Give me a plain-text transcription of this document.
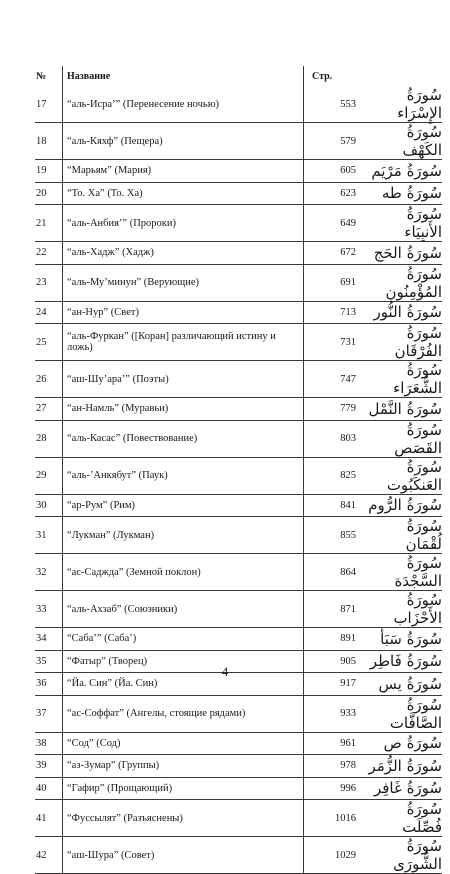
№	Название	Стр.	
17	“аль-Исра’” (Перенесение ночью)	553	سُورَةُ الإِسْرَاء
18	“аль-Кяхф” (Пещера)	579	سُورَةُ الكَهْف
19	“Марьям” (Мария)	605	سُورَةُ مَرْيَم
20	“То. Ха” (То. Ха)	623	سُورَةُ طه
21	“аль-Анбия’” (Пророки)	649	سُورَةُ الأَنبِيَاء
22	“аль-Хадж” (Хадж)	672	سُورَةُ الحَج
23	“аль-Му’минун” (Верующие)	691	سُورَةُ المُؤْمِنُون
24	“ан-Нур” (Свет)	713	سُورَةُ النُّور
25	“аль-Фуркан” ([Коран] различающий истину и ложь)	731	سُورَةُ الفُرْقَان
26	“аш-Шу’ара’” (Поэты)	747	سُورَةُ الشُّعَرَاء
27	“ан-Намль” (Муравьи)	779	سُورَةُ النَّمْل
28	“аль-Касас” (Повествование)	803	سُورَةُ القَصَص
29	“аль-’Анкябут” (Паук)	825	سُورَةُ العَنكَبُوت
30	“ар-Рум” (Рим)	841	سُورَةُ الرُّوم
31	“Лукман” (Лукман)	855	سُورَةُ لُقْمَان
32	“ас-Саджда” (Земной поклон)	864	سُورَةُ السَّجْدَة
33	“аль-Ахзаб” (Союзники)	871	سُورَةُ الأَحْزَاب
34	“Саба’” (Саба’)	891	سُورَةُ سَبَأ
35	“Фатыр” (Творец)	905	سُورَةُ فَاطِر
36	“Йа. Син” (Йа. Син)	917	سُورَةُ يس
37	“ас-Соффат” (Ангелы, стоящие рядами)	933	سُورَةُ الصَّافَّات
38	“Сод” (Сод)	961	سُورَةُ ص
39	“аз-Зумар” (Группы)	978	سُورَةُ الزُّمَر
40	“Гафир” (Прощающий)	996	سُورَةُ غَافِر
41	“Фуссылят” (Разъяснены)	1016	سُورَةُ فُصِّلَت
42	“аш-Шура” (Совет)	1029	سُورَةُ الشُّورَى
4
